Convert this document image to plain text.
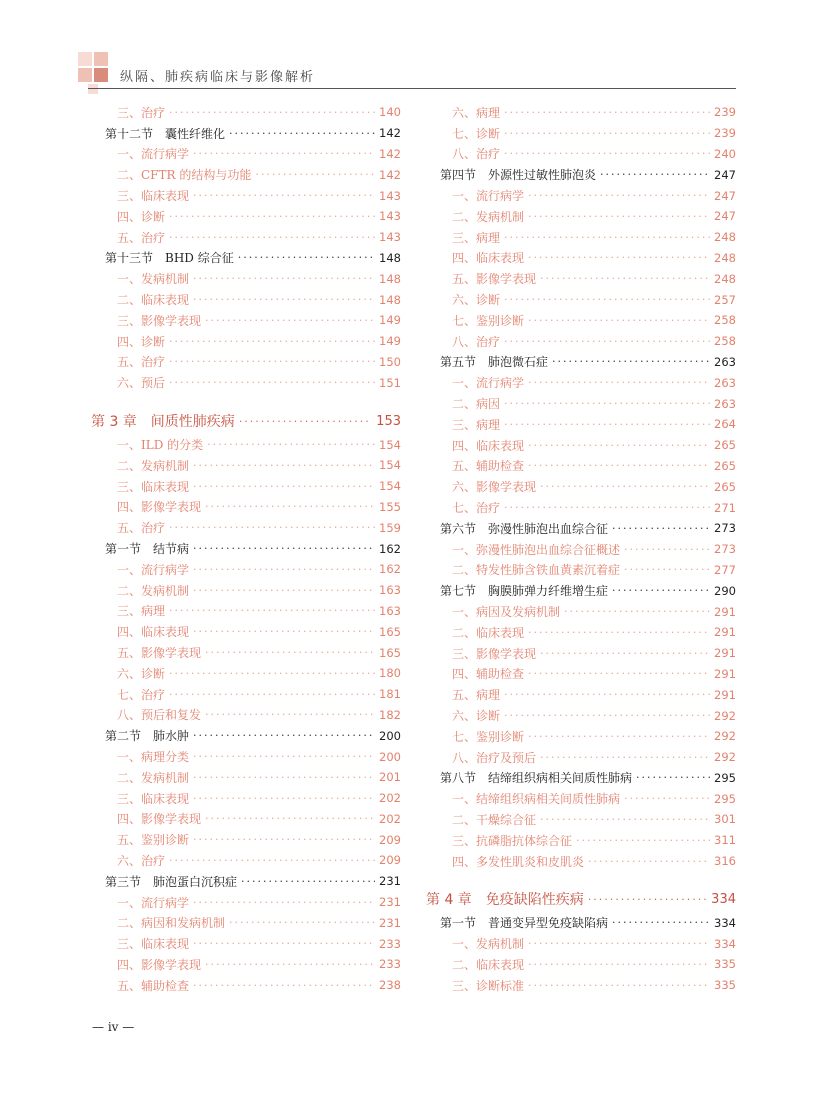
纵隔、肺疾病临床与影像解析
三、治疗 ·····	140
第十二节　囊性纤维化 ·····	142
一、流行病学 ·····	142
二、CFTR 的结构与功能 ·····	142
三、临床表现 ·····	143
四、诊断 ·····	143
五、治疗 ·····	143
第十三节　BHD 综合征 ·····	148
一、发病机制 ·····	148
二、临床表现 ·····	148
三、影像学表现 ·····	149
四、诊断 ·····	149
五、治疗 ·····	150
六、预后 ·····	151
第 3 章　间质性肺疾病 ·····	153
一、ILD 的分类 ·····	154
二、发病机制 ·····	154
三、临床表现 ·····	154
四、影像学表现 ·····	155
五、治疗 ·····	159
第一节　结节病 ·····	162
一、流行病学 ·····	162
二、发病机制 ·····	163
三、病理 ·····	163
四、临床表现 ·····	165
五、影像学表现 ·····	165
六、诊断 ·····	180
七、治疗 ·····	181
八、预后和复发 ·····	182
第二节　肺水肿 ·····	200
一、病理分类 ·····	200
二、发病机制 ·····	201
三、临床表现 ·····	202
四、影像学表现 ·····	202
五、鉴别诊断 ·····	209
六、治疗 ·····	209
第三节　肺泡蛋白沉积症 ·····	231
一、流行病学 ·····	231
二、病因和发病机制 ·····	231
三、临床表现 ·····	233
四、影像学表现 ·····	233
五、辅助检查 ·····	238
六、病理 ·····	239
七、诊断 ·····	239
八、治疗 ·····	240
第四节　外源性过敏性肺泡炎 ·····	247
一、流行病学 ·····	247
二、发病机制 ·····	247
三、病理 ·····	248
四、临床表现 ·····	248
五、影像学表现 ·····	248
六、诊断 ·····	257
七、鉴别诊断 ·····	258
八、治疗 ·····	258
第五节　肺泡微石症 ·····	263
一、流行病学 ·····	263
二、病因 ·····	263
三、病理 ·····	264
四、临床表现 ·····	265
五、辅助检查 ·····	265
六、影像学表现 ·····	265
七、治疗 ·····	271
第六节　弥漫性肺泡出血综合征 ·····	273
一、弥漫性肺泡出血综合征概述 ·····	273
二、特发性肺含铁血黄素沉着症 ·····	277
第七节　胸膜肺弹力纤维增生症 ·····	290
一、病因及发病机制 ·····	291
二、临床表现 ·····	291
三、影像学表现 ·····	291
四、辅助检查 ·····	291
五、病理 ·····	291
六、诊断 ·····	292
七、鉴别诊断 ·····	292
八、治疗及预后 ·····	292
第八节　结缔组织病相关间质性肺病 ·····	295
一、结缔组织病相关间质性肺病 ·····	295
二、干燥综合征 ·····	301
三、抗磷脂抗体综合征 ·····	311
四、多发性肌炎和皮肌炎 ·····	316
第 4 章　免疫缺陷性疾病 ·····	334
第一节　普通变异型免疫缺陷病 ·····	334
一、发病机制 ·····	334
二、临床表现 ·····	335
三、诊断标准 ·····	335
— iv —
